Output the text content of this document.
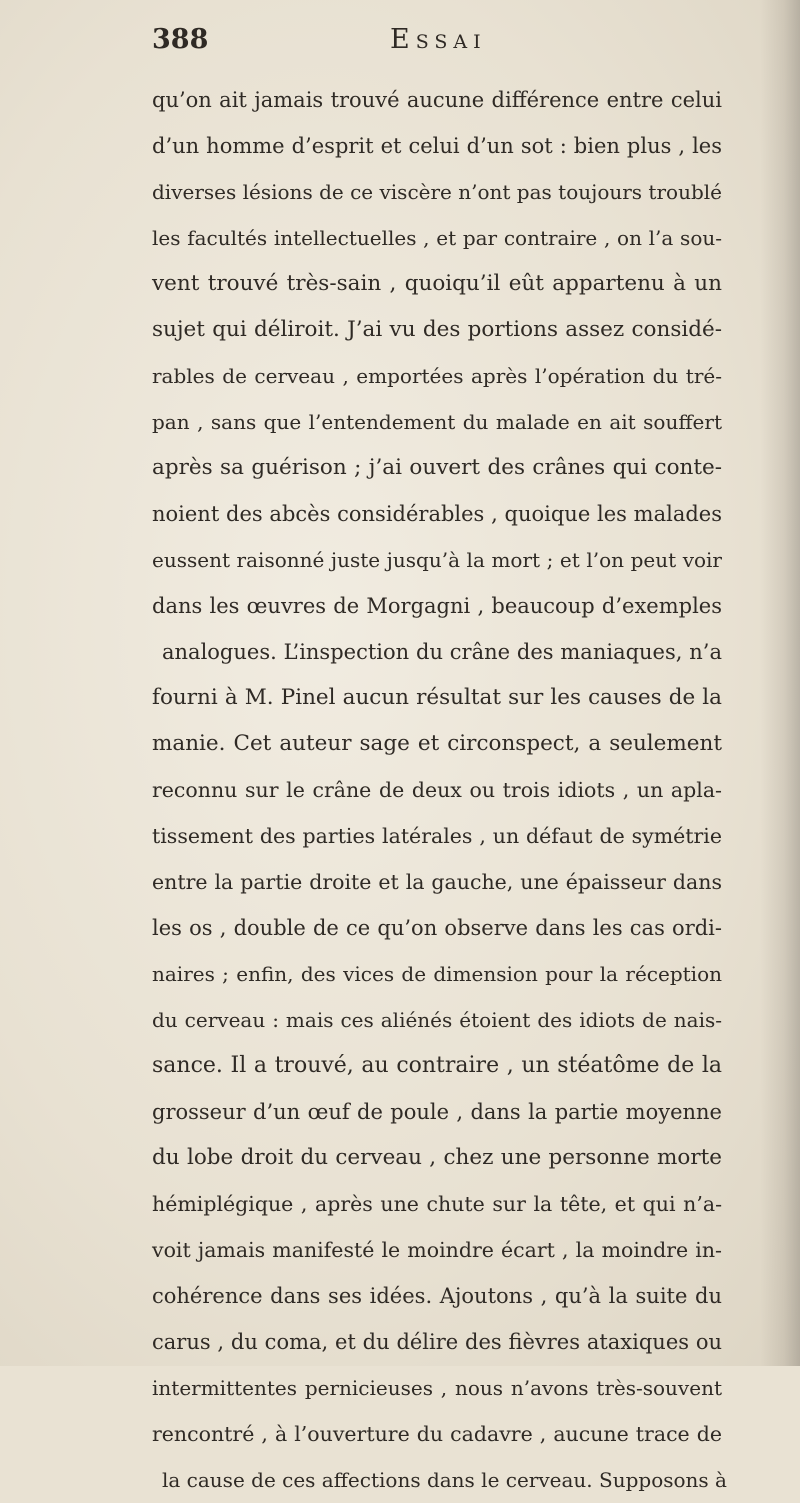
388	Essai
qu’on ait jamais trouvé aucune différence entre celui
d’un homme d’esprit et celui d’un sot : bien plus , les
diverses lésions de ce viscère n’ont pas toujours troublé
les facultés intellectuelles , et par contraire , on l’a sou-
vent trouvé très-sain , quoiqu’il eût appartenu à un
sujet qui déliroit. J’ai vu des portions assez considé-
rables de cerveau , emportées après l’opération du tré-
pan , sans que l’entendement du malade en ait souffert
après sa guérison ; j’ai ouvert des crânes qui conte-
noient des abcès considérables , quoique les malades
eussent raisonné juste jusqu’à la mort ; et l’on peut voir
dans les œuvres de Morgagni , beaucoup d’exemples
analogues. L’inspection du crâne des maniaques, n’a
fourni à M. Pinel aucun résultat sur les causes de la
manie. Cet auteur sage et circonspect, a seulement
reconnu sur le crâne de deux ou trois idiots , un apla-
tissement des parties latérales , un défaut de symétrie
entre la partie droite et la gauche, une épaisseur dans
les os , double de ce qu’on observe dans les cas ordi-
naires ; enfin, des vices de dimension pour la réception
du cerveau : mais ces aliénés étoient des idiots de nais-
sance. Il a trouvé, au contraire , un stéatôme de la
grosseur d’un œuf de poule , dans la partie moyenne
du lobe droit du cerveau , chez une personne morte
hémiplégique , après une chute sur la tête, et qui n’a-
voit jamais manifesté le moindre écart , la moindre in-
cohérence dans ses idées. Ajoutons , qu’à la suite du
carus , du coma, et du délire des fièvres ataxiques ou
intermittentes pernicieuses , nous n’avons très-souvent
rencontré , à l’ouverture du cadavre , aucune trace de
la cause de ces affections dans le cerveau. Supposons à
